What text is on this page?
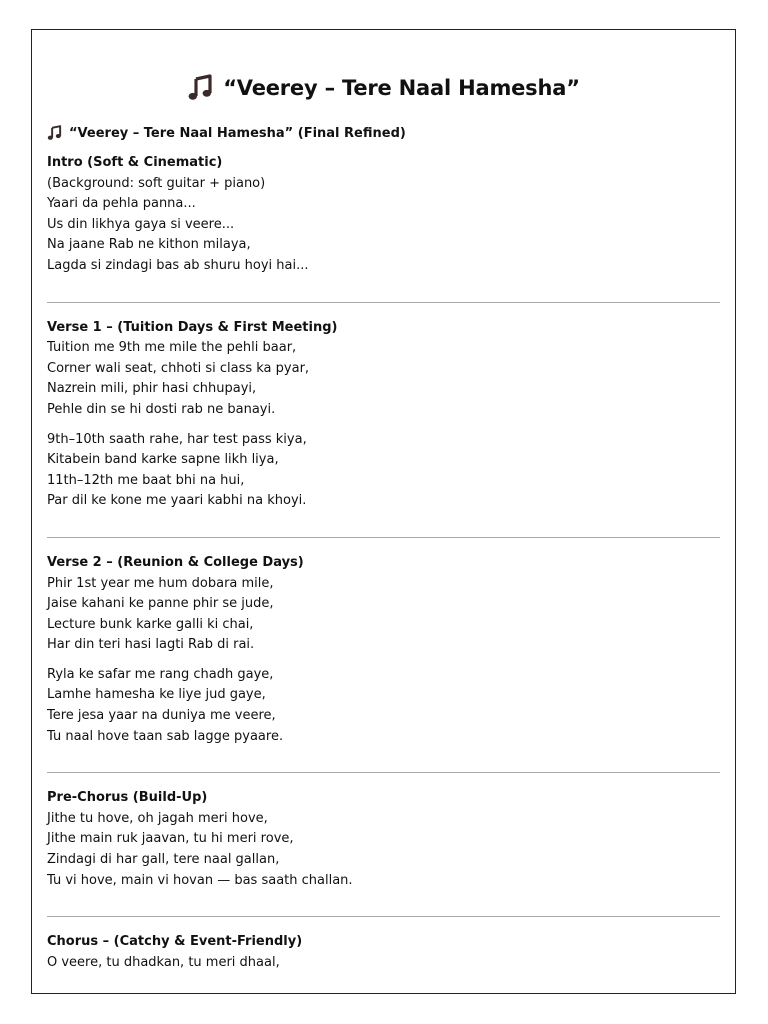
“Veerey – Tere Naal Hamesha”
“Veerey – Tere Naal Hamesha” (Final Refined)

Intro (Soft & Cinematic)

(Background: soft guitar + piano)

Yaari da pehla panna...

Us din likhya gaya si veere...

Na jaane Rab ne kithon milaya,

Lagda si zindagi bas ab shuru hoyi hai...

Verse 1 – (Tuition Days & First Meeting)

Tuition me 9th me mile the pehli baar,

Corner wali seat, chhoti si class ka pyar,

Nazrein mili, phir hasi chhupayi,

Pehle din se hi dosti rab ne banayi.

9th–10th saath rahe, har test pass kiya,

Kitabein band karke sapne likh liya,

11th–12th me baat bhi na hui,

Par dil ke kone me yaari kabhi na khoyi.

Verse 2 – (Reunion & College Days)

Phir 1st year me hum dobara mile,

Jaise kahani ke panne phir se jude,

Lecture bunk karke galli ki chai,

Har din teri hasi lagti Rab di rai.

Ryla ke safar me rang chadh gaye,

Lamhe hamesha ke liye jud gaye,

Tere jesa yaar na duniya me veere,

Tu naal hove taan sab lagge pyaare.

Pre-Chorus (Build-Up)

Jithe tu hove, oh jagah meri hove,

Jithe main ruk jaavan, tu hi meri rove,

Zindagi di har gall, tere naal gallan,

Tu vi hove, main vi hovan — bas saath challan.

Chorus – (Catchy & Event-Friendly)

O veere, tu dhadkan, tu meri dhaal,
